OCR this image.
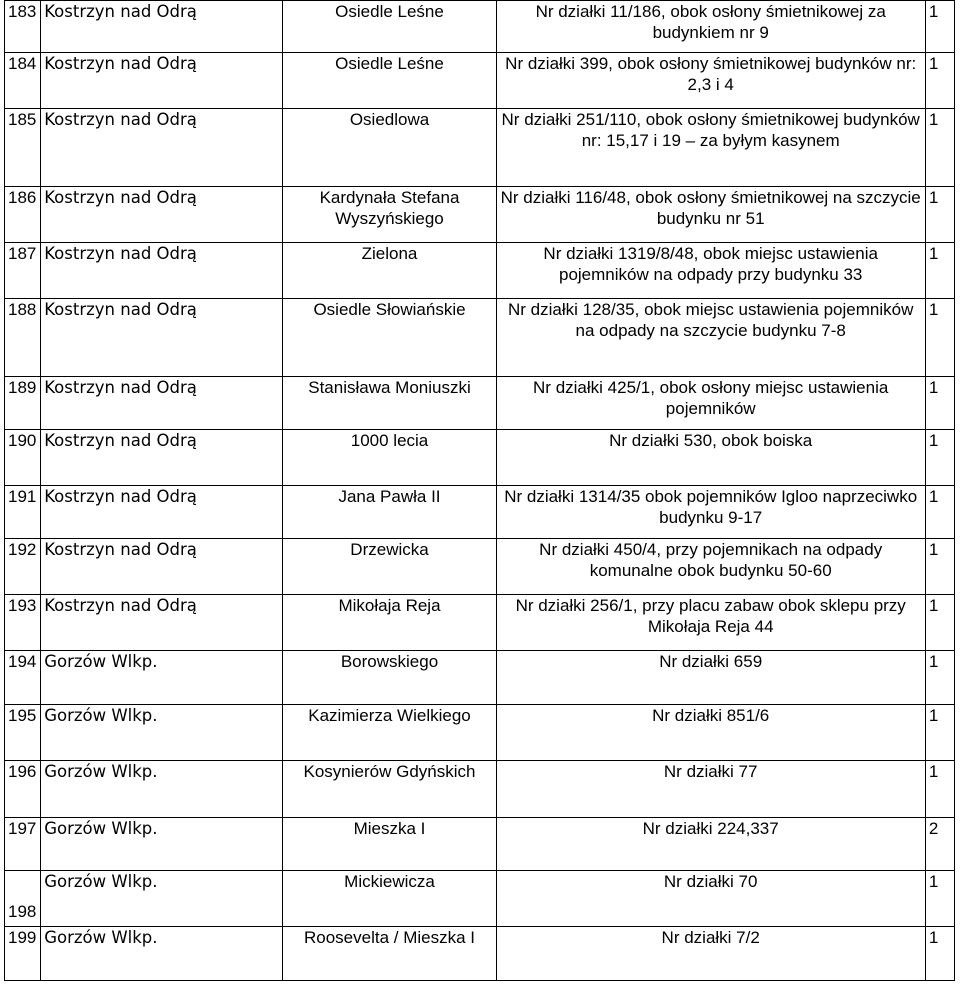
183	Kostrzyn nad Odrą	Osiedle Leśne	Nr działki 11/186, obok osłony śmietnikowej za budynkiem nr 9	1
184	Kostrzyn nad Odrą	Osiedle Leśne	Nr działki 399, obok osłony śmietnikowej budynków nr: 2,3 i 4	1
185	Kostrzyn nad Odrą	Osiedlowa	Nr działki 251/110, obok osłony śmietnikowej budynków nr: 15,17 i 19 – za byłym kasynem	1
186	Kostrzyn nad Odrą	Kardynała Stefana Wyszyńskiego	Nr działki 116/48, obok osłony śmietnikowej na szczycie budynku nr 51	1
187	Kostrzyn nad Odrą	Zielona	Nr działki 1319/8/48, obok miejsc ustawienia pojemników na odpady przy budynku 33	1
188	Kostrzyn nad Odrą	Osiedle Słowiańskie	Nr działki 128/35, obok miejsc ustawienia pojemników na odpady na szczycie budynku 7-8	1
189	Kostrzyn nad Odrą	Stanisława Moniuszki	Nr działki 425/1, obok osłony miejsc ustawienia pojemników	1
190	Kostrzyn nad Odrą	1000 lecia	Nr działki 530, obok boiska	1
191	Kostrzyn nad Odrą	Jana Pawła II	Nr działki 1314/35 obok pojemników Igloo naprzeciwko budynku 9-17	1
192	Kostrzyn nad Odrą	Drzewicka	Nr działki 450/4, przy pojemnikach na odpady komunalne obok budynku 50-60	1
193	Kostrzyn nad Odrą	Mikołaja Reja	Nr działki 256/1, przy placu zabaw obok sklepu przy Mikołaja Reja 44	1
194	Gorzów Wlkp.	Borowskiego	Nr działki 659	1
195	Gorzów Wlkp.	Kazimierza Wielkiego	Nr działki 851/6	1
196	Gorzów Wlkp.	Kosynierów Gdyńskich	Nr działki 77	1
197	Gorzów Wlkp.	Mieszka I	Nr działki 224,337	2
198	Gorzów Wlkp.	Mickiewicza	Nr działki 70	1
199	Gorzów Wlkp.	Roosevelta / Mieszka I	Nr działki 7/2	1
